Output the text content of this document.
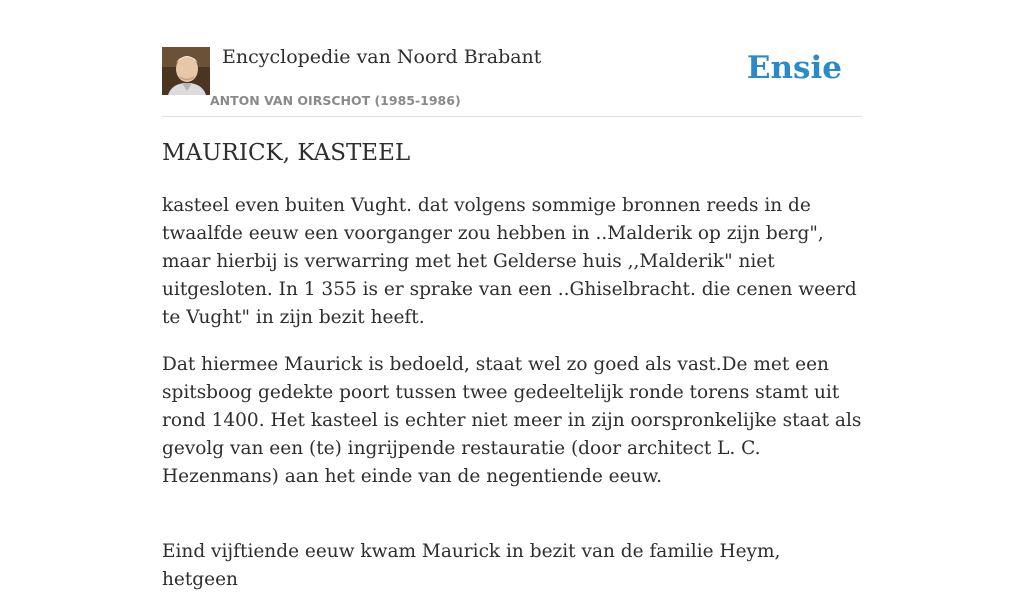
Encyclopedie van Noord Brabant
ANTON VAN OIRSCHOT (1985-1986)
Ensie
MAURICK, KASTEEL

kasteel even buiten Vught. dat volgens sommige bronnen reeds in de twaalfde eeuw een voorganger zou hebben in ..Malderik op zijn berg", maar hierbij is verwarring met het Gelderse huis ,,Malderik" niet uitgesloten. In 1 355 is er sprake van een ..Ghiselbracht. die cenen weerd te Vught" in zijn bezit heeft.

Dat hiermee Maurick is bedoeld, staat wel zo goed als vast.De met een spitsboog gedekte poort tussen twee gedeeltelijk ronde torens stamt uit rond 1400. Het kasteel is echter niet meer in zijn oorspronkelijke staat als gevolg van een (te) ingrijpende restauratie (door architect L. C. Hezenmans) aan het einde van de negentiende eeuw.

Eind vijftiende eeuw kwam Maurick in bezit van de familie Heym, hetgeen
